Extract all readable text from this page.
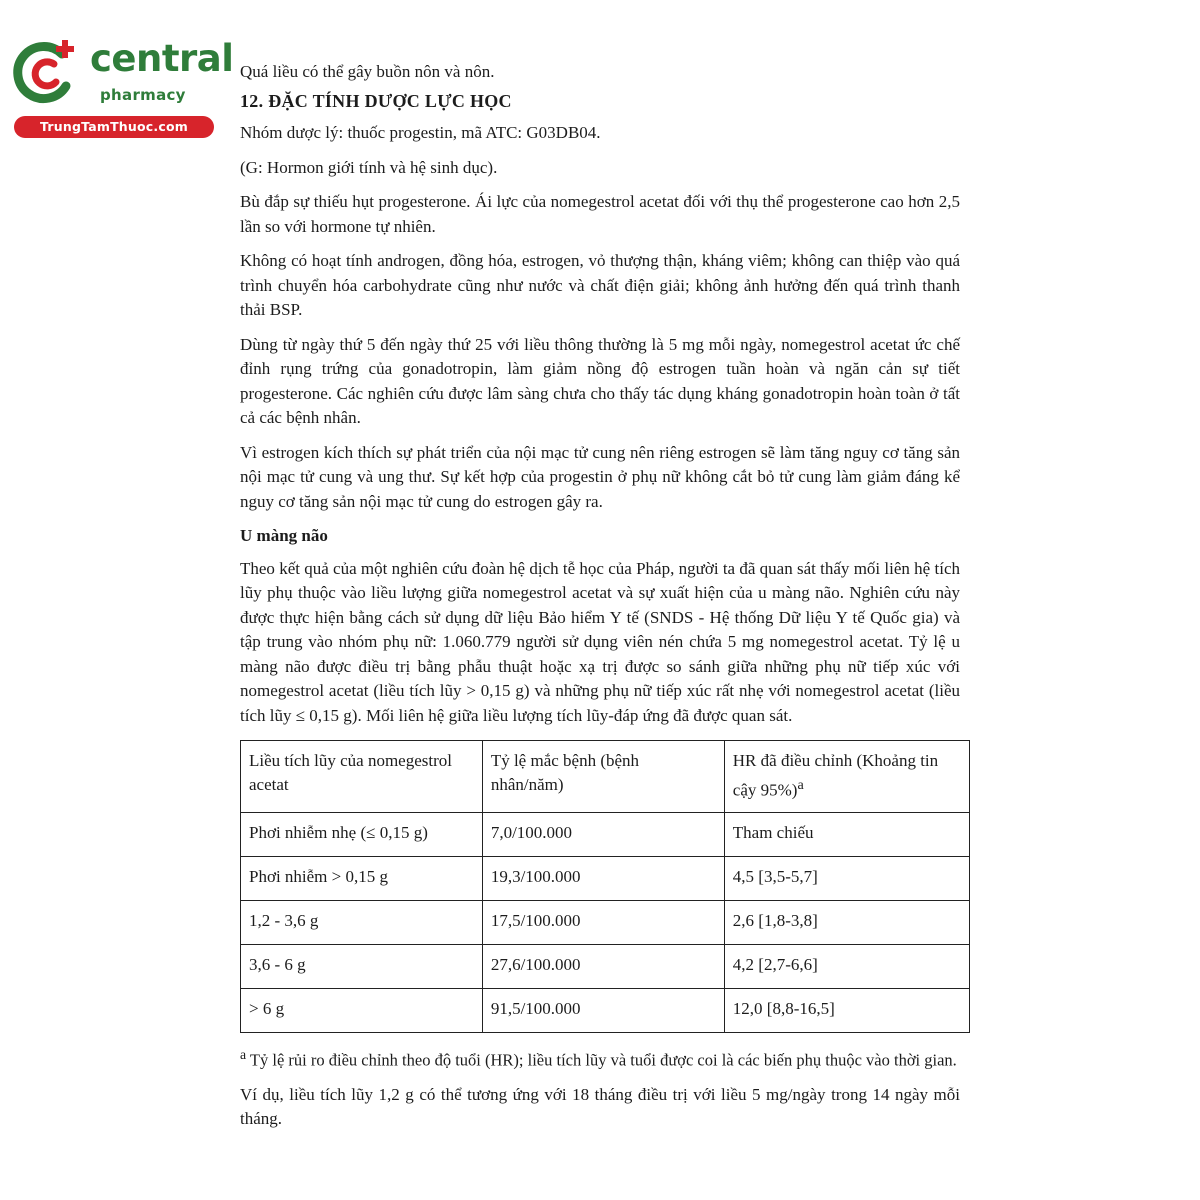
central
pharmacy
TrungTamThuoc.com

Quá liều có thể gây buồn nôn và nôn.

12. ĐẶC TÍNH DƯỢC LỰC HỌC

Nhóm dược lý: thuốc progestin, mã ATC: G03DB04.

(G: Hormon giới tính và hệ sinh dục).

Bù đắp sự thiếu hụt progesterone. Ái lực của nomegestrol acetat đối với thụ thể progesterone cao hơn 2,5 lần so với hormone tự nhiên.

Không có hoạt tính androgen, đồng hóa, estrogen, vỏ thượng thận, kháng viêm; không can thiệp vào quá trình chuyển hóa carbohydrate cũng như nước và chất điện giải; không ảnh hưởng đến quá trình thanh thải BSP.

Dùng từ ngày thứ 5 đến ngày thứ 25 với liều thông thường là 5 mg mỗi ngày, nomegestrol acetat ức chế đỉnh rụng trứng của gonadotropin, làm giảm nồng độ estrogen tuần hoàn và ngăn cản sự tiết progesterone. Các nghiên cứu được lâm sàng chưa cho thấy tác dụng kháng gonadotropin hoàn toàn ở tất cả các bệnh nhân.

Vì estrogen kích thích sự phát triển của nội mạc tử cung nên riêng estrogen sẽ làm tăng nguy cơ tăng sản nội mạc tử cung và ung thư. Sự kết hợp của progestin ở phụ nữ không cắt bỏ tử cung làm giảm đáng kể nguy cơ tăng sản nội mạc tử cung do estrogen gây ra.

U màng não

Theo kết quả của một nghiên cứu đoàn hệ dịch tễ học của Pháp, người ta đã quan sát thấy mối liên hệ tích lũy phụ thuộc vào liều lượng giữa nomegestrol acetat và sự xuất hiện của u màng não. Nghiên cứu này được thực hiện bằng cách sử dụng dữ liệu Bảo hiểm Y tế (SNDS - Hệ thống Dữ liệu Y tế Quốc gia) và tập trung vào nhóm phụ nữ: 1.060.779 người sử dụng viên nén chứa 5 mg nomegestrol acetat. Tỷ lệ u màng não được điều trị bằng phẫu thuật hoặc xạ trị được so sánh giữa những phụ nữ tiếp xúc với nomegestrol acetat (liều tích lũy > 0,15 g) và những phụ nữ tiếp xúc rất nhẹ với nomegestrol acetat (liều tích lũy ≤ 0,15 g). Mối liên hệ giữa liều lượng tích lũy-đáp ứng đã được quan sát.

Liều tích lũy của nomegestrol acetat	Tỷ lệ mắc bệnh (bệnh nhân/năm)	HR đã điều chỉnh (Khoảng tin cậy 95%)$^a$
Phơi nhiễm nhẹ (≤ 0,15 g)	7,0/100.000	Tham chiếu
Phơi nhiễm > 0,15 g	19,3/100.000	4,5 [3,5-5,7]
1,2 - 3,6 g	17,5/100.000	2,6 [1,8-3,8]
3,6 - 6 g	27,6/100.000	4,2 [2,7-6,6]
> 6 g	91,5/100.000	12,0 [8,8-16,5]

$^a$ Tỷ lệ rủi ro điều chỉnh theo độ tuổi (HR); liều tích lũy và tuổi được coi là các biến phụ thuộc vào thời gian.

Ví dụ, liều tích lũy 1,2 g có thể tương ứng với 18 tháng điều trị với liều 5 mg/ngày trong 14 ngày mỗi tháng.
